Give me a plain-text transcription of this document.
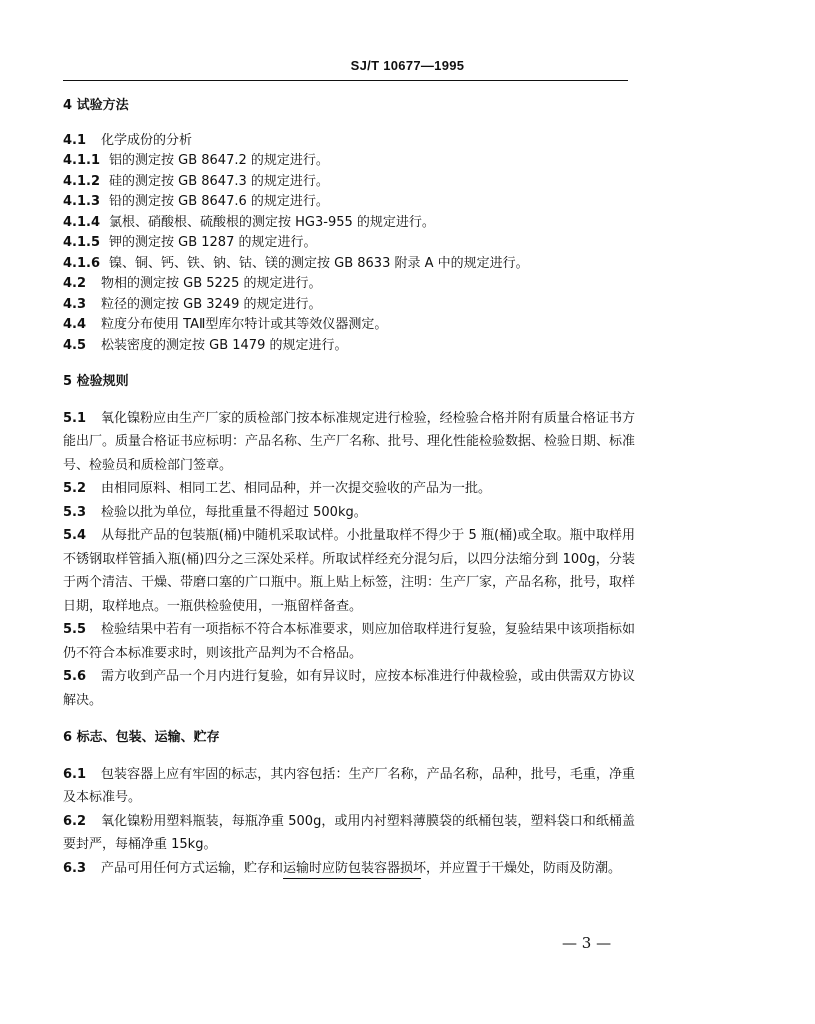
SJ/T 10677—1995
4 试验方法

4.1 化学成份的分析

4.1.1 铝的测定按 GB 8647.2 的规定进行。

4.1.2 硅的测定按 GB 8647.3 的规定进行。

4.1.3 铅的测定按 GB 8647.6 的规定进行。

4.1.4 氯根、硝酸根、硫酸根的测定按 HG3-955 的规定进行。

4.1.5 钾的测定按 GB 1287 的规定进行。

4.1.6 镍、铜、钙、铁、钠、钴、镁的测定按 GB 8633 附录 A 中的规定进行。

4.2 物相的测定按 GB 5225 的规定进行。

4.3 粒径的测定按 GB 3249 的规定进行。

4.4 粒度分布使用 TAⅡ型库尔特计或其等效仪器测定。

4.5 松装密度的测定按 GB 1479 的规定进行。

5 检验规则

5.1 氧化镍粉应由生产厂家的质检部门按本标准规定进行检验，经检验合格并附有质量合格证书方能出厂。质量合格证书应标明：产品名称、生产厂名称、批号、理化性能检验数据、检验日期、标准号、检验员和质检部门签章。

5.2 由相同原料、相同工艺、相同品种，并一次提交验收的产品为一批。

5.3 检验以批为单位，每批重量不得超过 500kg。

5.4 从每批产品的包装瓶(桶)中随机采取试样。小批量取样不得少于 5 瓶(桶)或全取。瓶中取样用不锈钢取样管插入瓶(桶)四分之三深处采样。所取试样经充分混匀后，以四分法缩分到 100g，分装于两个清洁、干燥、带磨口塞的广口瓶中。瓶上贴上标签，注明：生产厂家，产品名称，批号，取样日期，取样地点。一瓶供检验使用，一瓶留样备查。

5.5 检验结果中若有一项指标不符合本标准要求，则应加倍取样进行复验，复验结果中该项指标如仍不符合本标准要求时，则该批产品判为不合格品。

5.6 需方收到产品一个月内进行复验，如有异议时，应按本标准进行仲裁检验，或由供需双方协议解决。

6 标志、包装、运输、贮存

6.1 包装容器上应有牢固的标志，其内容包括：生产厂名称，产品名称，品种，批号，毛重，净重及本标准号。

6.2 氧化镍粉用塑料瓶装，每瓶净重 500g，或用内衬塑料薄膜袋的纸桶包装，塑料袋口和纸桶盖要封严，每桶净重 15kg。

6.3 产品可用任何方式运输，贮存和运输时应防包装容器损坏，并应置于干燥处，防雨及防潮。

— 3 —
